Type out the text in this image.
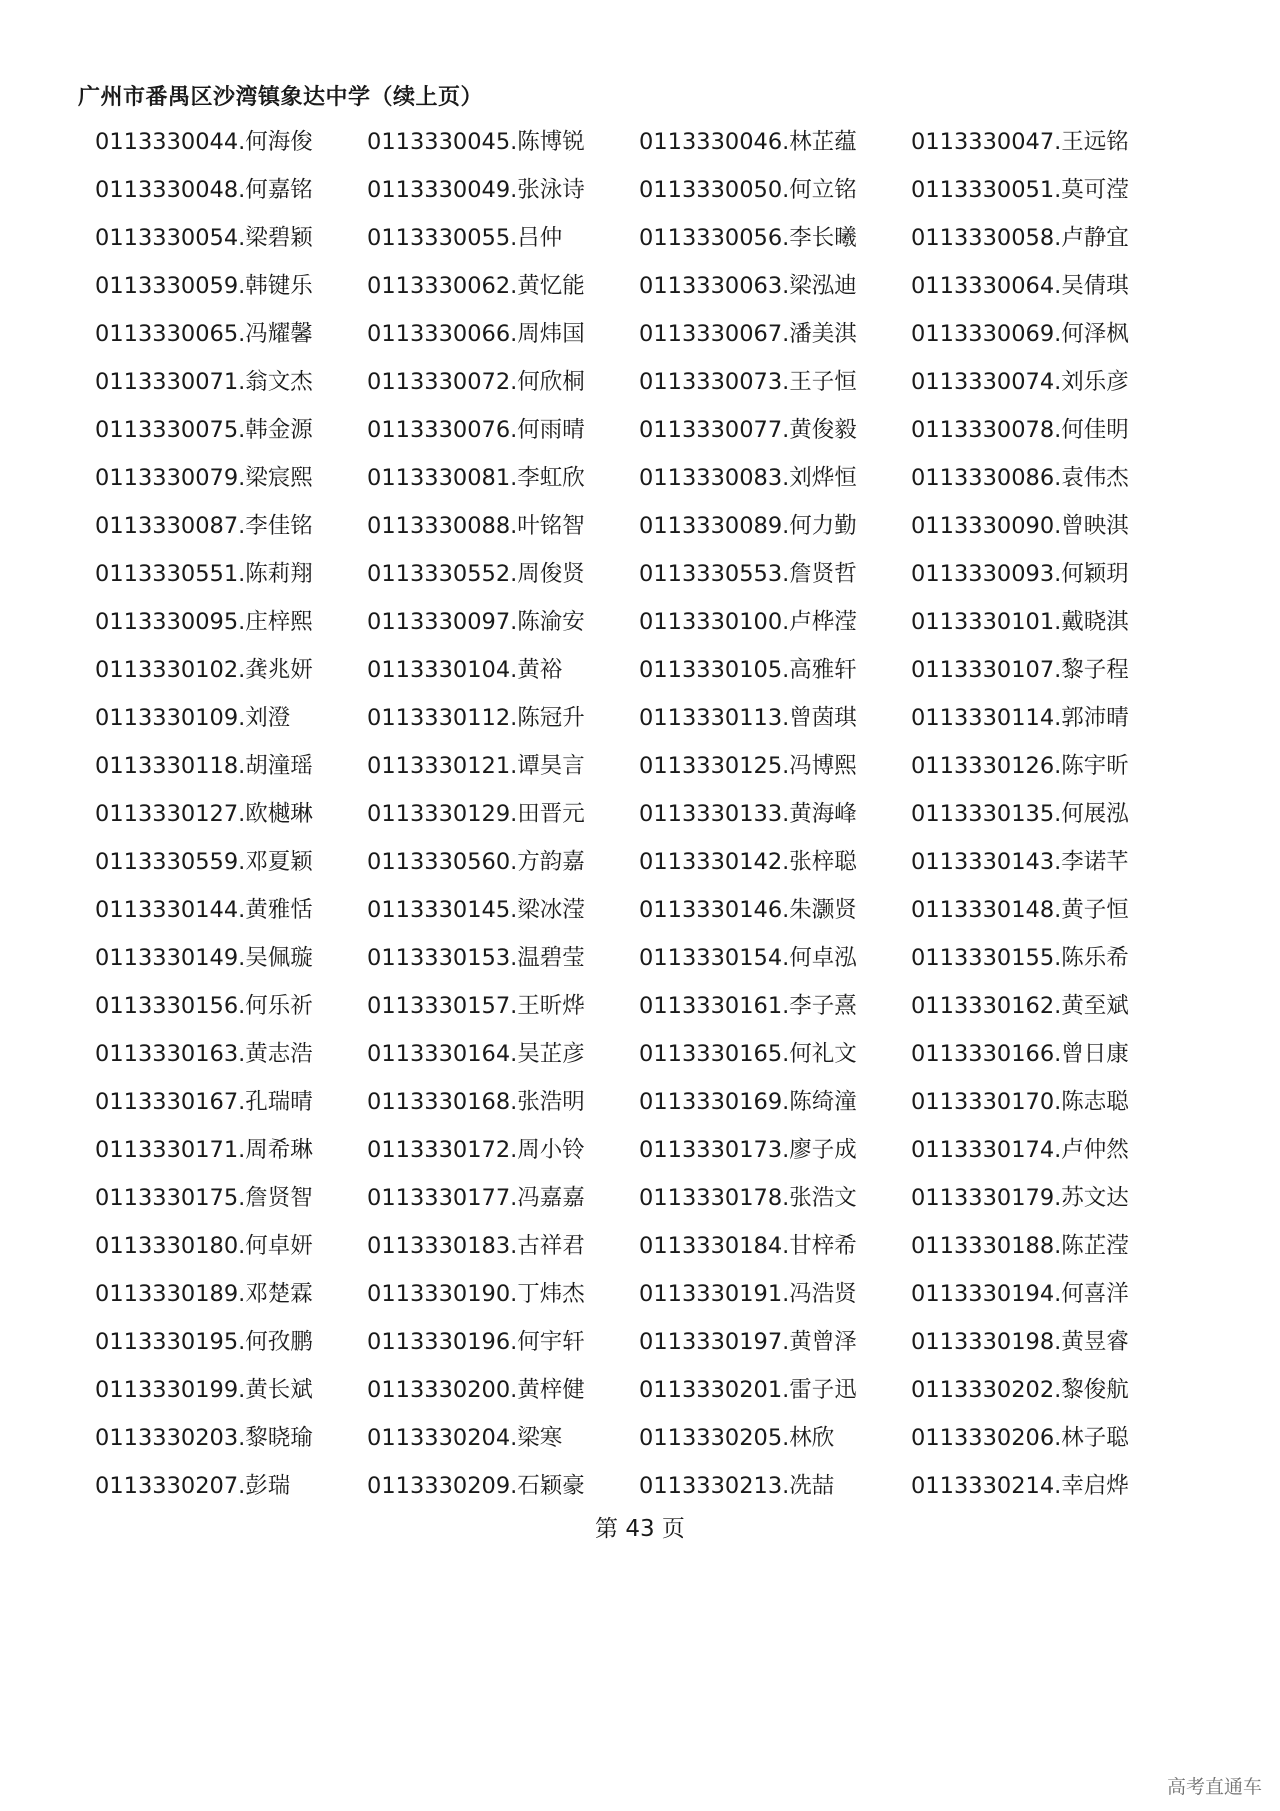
广州市番禺区沙湾镇象达中学（续上页）
0113330044.何海俊	0113330045.陈博锐	0113330046.林芷蕴	0113330047.王远铭
0113330048.何嘉铭	0113330049.张泳诗	0113330050.何立铭	0113330051.莫可滢
0113330054.梁碧颖	0113330055.吕仲	0113330056.李长曦	0113330058.卢静宜
0113330059.韩键乐	0113330062.黄忆能	0113330063.梁泓迪	0113330064.吴倩琪
0113330065.冯耀馨	0113330066.周炜国	0113330067.潘美淇	0113330069.何泽枫
0113330071.翁文杰	0113330072.何欣桐	0113330073.王子恒	0113330074.刘乐彦
0113330075.韩金源	0113330076.何雨晴	0113330077.黄俊毅	0113330078.何佳明
0113330079.梁宸熙	0113330081.李虹欣	0113330083.刘烨恒	0113330086.袁伟杰
0113330087.李佳铭	0113330088.叶铭智	0113330089.何力勤	0113330090.曾映淇
0113330551.陈莉翔	0113330552.周俊贤	0113330553.詹贤哲	0113330093.何颖玥
0113330095.庄梓熙	0113330097.陈渝安	0113330100.卢桦滢	0113330101.戴晓淇
0113330102.龚兆妍	0113330104.黄裕	0113330105.高雅轩	0113330107.黎子程
0113330109.刘澄	0113330112.陈冠升	0113330113.曾茵琪	0113330114.郭沛晴
0113330118.胡潼瑶	0113330121.谭昊言	0113330125.冯博熙	0113330126.陈宇昕
0113330127.欧樾琳	0113330129.田晋元	0113330133.黄海峰	0113330135.何展泓
0113330559.邓夏颖	0113330560.方韵嘉	0113330142.张梓聪	0113330143.李诺芊
0113330144.黄雅恬	0113330145.梁冰滢	0113330146.朱灏贤	0113330148.黄子恒
0113330149.吴佩璇	0113330153.温碧莹	0113330154.何卓泓	0113330155.陈乐希
0113330156.何乐祈	0113330157.王昕烨	0113330161.李子熹	0113330162.黄至斌
0113330163.黄志浩	0113330164.吴芷彦	0113330165.何礼文	0113330166.曾日康
0113330167.孔瑞晴	0113330168.张浩明	0113330169.陈绮潼	0113330170.陈志聪
0113330171.周希琳	0113330172.周小铃	0113330173.廖子成	0113330174.卢仲然
0113330175.詹贤智	0113330177.冯嘉嘉	0113330178.张浩文	0113330179.苏文达
0113330180.何卓妍	0113330183.古祥君	0113330184.甘梓希	0113330188.陈芷滢
0113330189.邓楚霖	0113330190.丁炜杰	0113330191.冯浩贤	0113330194.何喜洋
0113330195.何孜鹏	0113330196.何宇轩	0113330197.黄曾泽	0113330198.黄昱睿
0113330199.黄长斌	0113330200.黄梓健	0113330201.雷子迅	0113330202.黎俊航
0113330203.黎晓瑜	0113330204.梁寒	0113330205.林欣	0113330206.林子聪
0113330207.彭瑞	0113330209.石颖豪	0113330213.冼喆	0113330214.幸启烨
第 43 页
高考直通车
